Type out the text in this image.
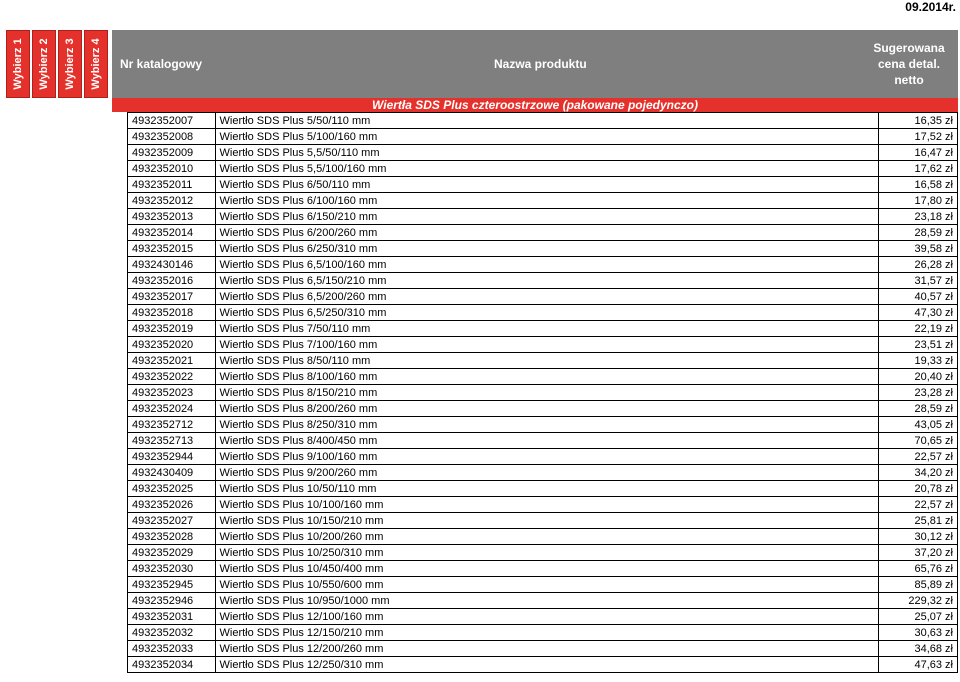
09.2014r.
Wybierz 1 Wybierz 2 Wybierz 3 Wybierz 4 Nr katalogowy	Nazwa produktu
Sugerowana
cena detal.
netto
Wiertła SDS Plus czteroostrzowe (pakowane pojedynczo)
4932352007	Wiertło SDS Plus 5/50/110 mm	16,35 zł
4932352008	Wiertło SDS Plus 5/100/160 mm	17,52 zł
4932352009	Wiertło SDS Plus 5,5/50/110 mm	16,47 zł
4932352010	Wiertło SDS Plus 5,5/100/160 mm	17,62 zł
4932352011	Wiertło SDS Plus 6/50/110 mm	16,58 zł
4932352012	Wiertło SDS Plus 6/100/160 mm	17,80 zł
4932352013	Wiertło SDS Plus 6/150/210 mm	23,18 zł
4932352014	Wiertło SDS Plus 6/200/260 mm	28,59 zł
4932352015	Wiertło SDS Plus 6/250/310 mm	39,58 zł
4932430146	Wiertło SDS Plus 6,5/100/160 mm	26,28 zł
4932352016	Wiertło SDS Plus 6,5/150/210 mm	31,57 zł
4932352017	Wiertło SDS Plus 6,5/200/260 mm	40,57 zł
4932352018	Wiertło SDS Plus 6,5/250/310 mm	47,30 zł
4932352019	Wiertło SDS Plus 7/50/110 mm	22,19 zł
4932352020	Wiertło SDS Plus 7/100/160 mm	23,51 zł
4932352021	Wiertło SDS Plus 8/50/110 mm	19,33 zł
4932352022	Wiertło SDS Plus 8/100/160 mm	20,40 zł
4932352023	Wiertło SDS Plus 8/150/210 mm	23,28 zł
4932352024	Wiertło SDS Plus 8/200/260 mm	28,59 zł
4932352712	Wiertło SDS Plus 8/250/310 mm	43,05 zł
4932352713	Wiertło SDS Plus 8/400/450 mm	70,65 zł
4932352944	Wiertło SDS Plus 9/100/160 mm	22,57 zł
4932430409	Wiertło SDS Plus 9/200/260 mm	34,20 zł
4932352025	Wiertło SDS Plus 10/50/110 mm	20,78 zł
4932352026	Wiertło SDS Plus 10/100/160 mm	22,57 zł
4932352027	Wiertło SDS Plus 10/150/210 mm	25,81 zł
4932352028	Wiertło SDS Plus 10/200/260 mm	30,12 zł
4932352029	Wiertło SDS Plus 10/250/310 mm	37,20 zł
4932352030	Wiertło SDS Plus 10/450/400 mm	65,76 zł
4932352945	Wiertło SDS Plus 10/550/600 mm	85,89 zł
4932352946	Wiertło SDS Plus 10/950/1000 mm	229,32 zł
4932352031	Wiertło SDS Plus 12/100/160 mm	25,07 zł
4932352032	Wiertło SDS Plus 12/150/210 mm	30,63 zł
4932352033	Wiertło SDS Plus 12/200/260 mm	34,68 zł
4932352034	Wiertło SDS Plus 12/250/310 mm	47,63 zł
